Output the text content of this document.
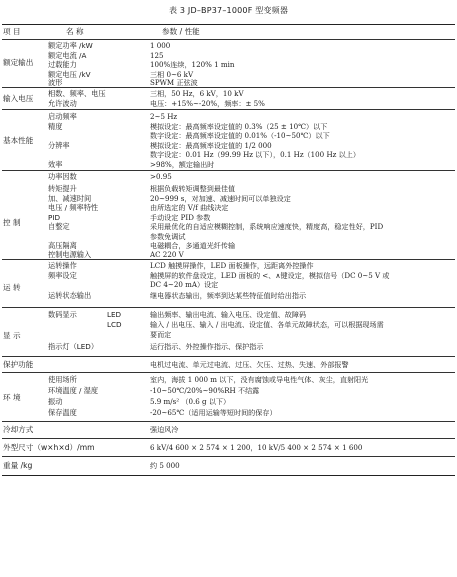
表 3 JD–BP37–1000F 型变频器
项 目	名 称	参数 / 性能
额定输出
额定功率 /kW	1 000
额定电流 /A	125
过载能力	100%连续，120% 1 min
额定电压 /kV	三相 0~6 kV
波形	SPWM 正弦波
输入电压
相数、频率、电压	三相，50 Hz，6 kV，10 kV
允许波动	电压：+15%~-20%，频率：± 5%
基本性能
启动频率	2~5 Hz
精度	模拟设定：最高频率设定值的 0.3%（25 ± 10℃）以下
数字设定：最高频率设定值的 0.01%（-10~50℃）以下
分辨率	模拟设定：最高频率设定值的 1/2 000
数字设定：0.01 Hz（99.99 Hz 以下），0.1 Hz（100 Hz 以上）
效率	>98%，额定输出时
功率因数	>0.95
控 制
转矩提升	根据负载转矩调整到最佳值
加、减速时间	20~999 s，对加速、减速时间可以单独设定
电压 / 频率特性	由所选定的 V/f 曲线决定
PID	手动设定 PID 参数
自整定	采用最优化的自适应模糊控制，系统响应速度快，精度高，稳定性好，PID
参数免调试
高压隔离	电磁耦合，多通道光纤传输
控制电源输入	AC 220 V
运 转
运转操作	LCD 触摸屏操作，LED 面板操作，远距离外控操作
频率设定	触摸屏的软件盘设定，LED 面板的 <、∧键设定，模拟信号（DC 0~5 V 或
DC 4~20 mA）设定
运转状态输出	继电器状态输出，频率到达某些特征值时给出指示
显 示
数码显示	LED	输出频率、输出电流、输入电压、设定值、故障码
LCD	输入 / 出电压、输入 / 出电流、设定值、各单元故障状态，可以根据现场需
要而定
指示灯（LED）	运行指示、外控操作指示、保护指示
保护功能	电机过电流、单元过电流、过压、欠压、过热、失速、外部报警
环 境
使用场所	室内，海拔 1 000 m 以下，没有腐蚀或导电性气体、灰尘，直射阳光
环境温度 / 湿度	-10~50℃/20%~90%RH 不结露
振动	5.9 m/s² （0.6 g 以下）
保存温度	-20~65℃（适用运输等短时间的保存）
冷却方式	强迫风冷
外型尺寸（w×h×d）/mm	6 kV/4 600 × 2 574 × 1 200，10 kV/5 400 × 2 574 × 1 600
重量 /kg	约 5 000
